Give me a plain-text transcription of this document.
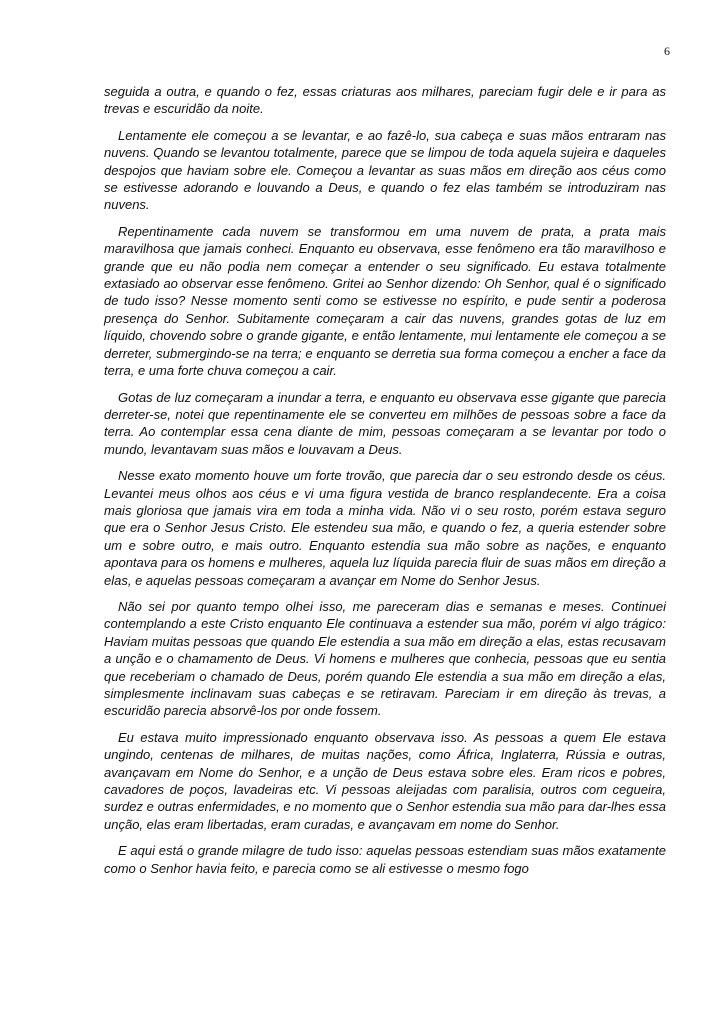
6

seguida a outra, e quando o fez, essas criaturas aos milhares, pareciam fugir dele e ir para as trevas e escuridão da noite.

Lentamente ele começou a se levantar, e ao fazê-lo, sua cabeça e suas mãos entraram nas nuvens. Quando se levantou totalmente, parece que se limpou de toda aquela sujeira e daqueles despojos que haviam sobre ele. Começou a levantar as suas mãos em direção aos céus como se estivesse adorando e louvando a Deus, e quando o fez elas também se introduziram nas nuvens.

Repentinamente cada nuvem se transformou em uma nuvem de prata, a prata mais maravilhosa que jamais conheci. Enquanto eu observava, esse fenômeno era tão maravilhoso e grande que eu não podia nem começar a entender o seu significado. Eu estava totalmente extasiado ao observar esse fenômeno. Gritei ao Senhor dizendo: Oh Senhor, qual é o significado de tudo isso? Nesse momento senti como se estivesse no espírito, e pude sentir a poderosa presença do Senhor. Subitamente começaram a cair das nuvens, grandes gotas de luz em líquido, chovendo sobre o grande gigante, e então lentamente, mui lentamente ele começou a se derreter, submergindo-se na terra; e enquanto se derretia sua forma começou a encher a face da terra, e uma forte chuva começou a cair.

Gotas de luz começaram a inundar a terra, e enquanto eu observava esse gigante que parecia derreter-se, notei que repentinamente ele se converteu em milhões de pessoas sobre a face da terra. Ao contemplar essa cena diante de mim, pessoas começaram a se levantar por todo o mundo, levantavam suas mãos e louvavam a Deus.

Nesse exato momento houve um forte trovão, que parecia dar o seu estrondo desde os céus. Levantei meus olhos aos céus e vi uma figura vestida de branco resplandecente. Era a coisa mais gloriosa que jamais vira em toda a minha vida. Não vi o seu rosto, porém estava seguro que era o Senhor Jesus Cristo. Ele estendeu sua mão, e quando o fez, a queria estender sobre um e sobre outro, e mais outro. Enquanto estendia sua mão sobre as nações, e enquanto apontava para os homens e mulheres, aquela luz líquida parecia fluir de suas mãos em direção a elas, e aquelas pessoas começaram a avançar em Nome do Senhor Jesus.

Não sei por quanto tempo olhei isso, me pareceram dias e semanas e meses. Continuei contemplando a este Cristo enquanto Ele continuava a estender sua mão, porém vi algo trágico: Haviam muitas pessoas que quando Ele estendia a sua mão em direção a elas, estas recusavam a unção e o chamamento de Deus. Vi homens e mulheres que conhecia, pessoas que eu sentia que receberiam o chamado de Deus, porém quando Ele estendia a sua mão em direção a elas, simplesmente inclinavam suas cabeças e se retiravam. Pareciam ir em direção às trevas, a escuridão parecia absorvê-los por onde fossem.

Eu estava muito impressionado enquanto observava isso. As pessoas a quem Ele estava ungindo, centenas de milhares, de muitas nações, como África, Inglaterra, Rússia e outras, avançavam em Nome do Senhor, e a unção de Deus estava sobre eles. Eram ricos e pobres, cavadores de poços, lavadeiras etc. Vi pessoas aleijadas com paralisia, outros com cegueira, surdez e outras enfermidades, e no momento que o Senhor estendia sua mão para dar-lhes essa unção, elas eram libertadas, eram curadas, e avançavam em nome do Senhor.

E aqui está o grande milagre de tudo isso: aquelas pessoas estendiam suas mãos exatamente como o Senhor havia feito, e parecia como se ali estivesse o mesmo fogo
